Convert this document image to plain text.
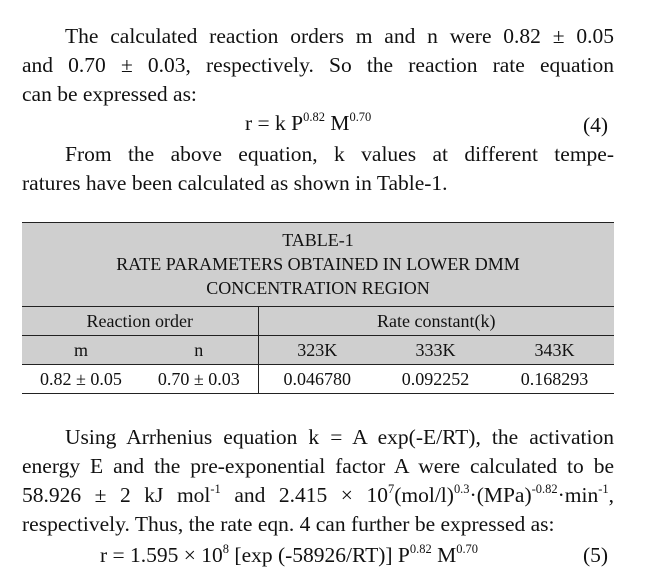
The calculated reaction orders m and n were 0.82 ± 0.05
and 0.70 ± 0.03, respectively. So the reaction rate equation
can be expressed as:
r = k $P^{0.82}$ $M^{0.70}$	(4)
From the above equation, k values at different tempe-
ratures have been calculated as shown in Table-1.
TABLE-1
RATE PARAMETERS OBTAINED IN LOWER DMM
CONCENTRATION REGION
Reaction order		Rate constant(k)		
m	n	323K	333K	343K
0.82 ± 0.05	0.70 ± 0.03	0.046780	0.092252	0.168293
Using Arrhenius equation k = A exp(-E/RT), the activation
energy E and the pre-exponential factor A were calculated to be
58.926 ± 2 kJ mol$^{-1}$ and $2.415 \times 10^7(mol/l)^{0.3}\cdot(MPa)^{-0.82}\cdot\min^{-1}$,
respectively. Thus, the rate eqn. 4 can further be expressed as:
$r = 1.595 \times 10^8$ [exp (-58926/RT)] $P^{0.82}$ $M^{0.70}$	(5)
